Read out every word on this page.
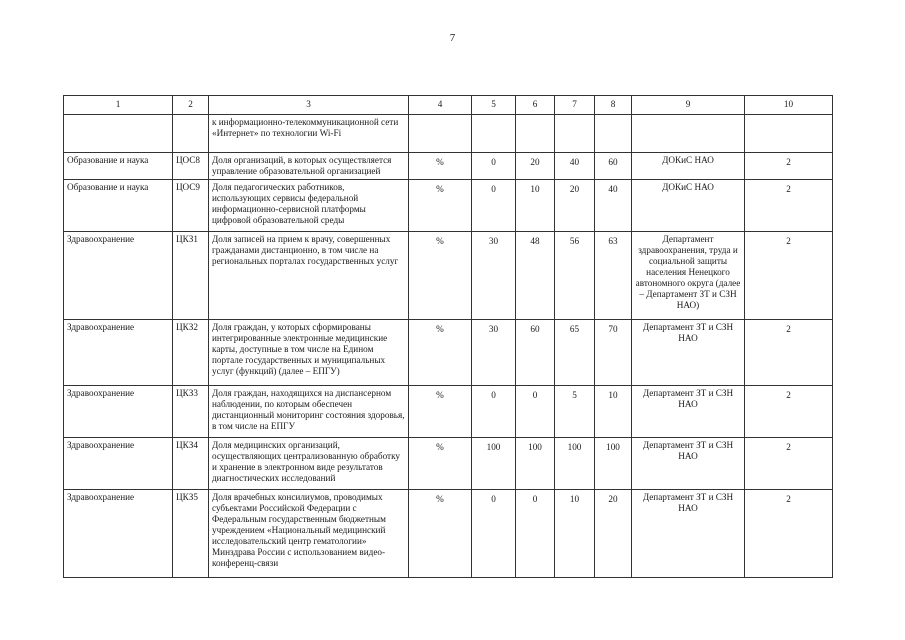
7
1	2	3	4	5	6	7	8	9	10
		к информационно-телекоммуникационной сети «Интернет» по технологии Wi-Fi							
Образование и наука	ЦОС8	Доля организаций, в которых осуществляется управление образовательной организацией	%	0	20	40	60	ДОКиС НАО	2
Образование и наука	ЦОС9	Доля педагогических работников, использующих сервисы федеральной информационно-сервисной платформы цифровой образовательной среды	%	0	10	20	40	ДОКиС НАО	2
Здравоохранение	ЦКЗ1	Доля записей на прием к врачу, совершенных гражданами дистанционно, в том числе на региональных порталах государственных услуг	%	30	48	56	63	Департамент здравоохранения, труда и социальной защиты населения Ненецкого автономного округа (далее – Департамент ЗТ и СЗН НАО)	2
Здравоохранение	ЦКЗ2	Доля граждан, у которых сформированы интегрированные электронные медицинские карты, доступные в том числе на Едином портале государственных и муниципальных услуг (функций) (далее – ЕПГУ)	%	30	60	65	70	Департамент ЗТ и СЗН НАО	2
Здравоохранение	ЦКЗ3	Доля граждан, находящихся на диспансерном наблюдении, по которым обеспечен дистанционный мониторинг состояния здоровья, в том числе на ЕПГУ	%	0	0	5	10	Департамент ЗТ и СЗН НАО	2
Здравоохранение	ЦКЗ4	Доля медицинских организаций, осуществляющих централизованную обработку и хранение в электронном виде результатов диагностических исследований	%	100	100	100	100	Департамент ЗТ и СЗН НАО	2
Здравоохранение	ЦКЗ5	Доля врачебных консилиумов, проводимых субъектами Российской Федерации с Федеральным государственным бюджетным учреждением «Национальный медицинский исследовательский центр гематологии» Минздрава России с использованием видео-конференц-связи	%	0	0	10	20	Департамент ЗТ и СЗН НАО	2
